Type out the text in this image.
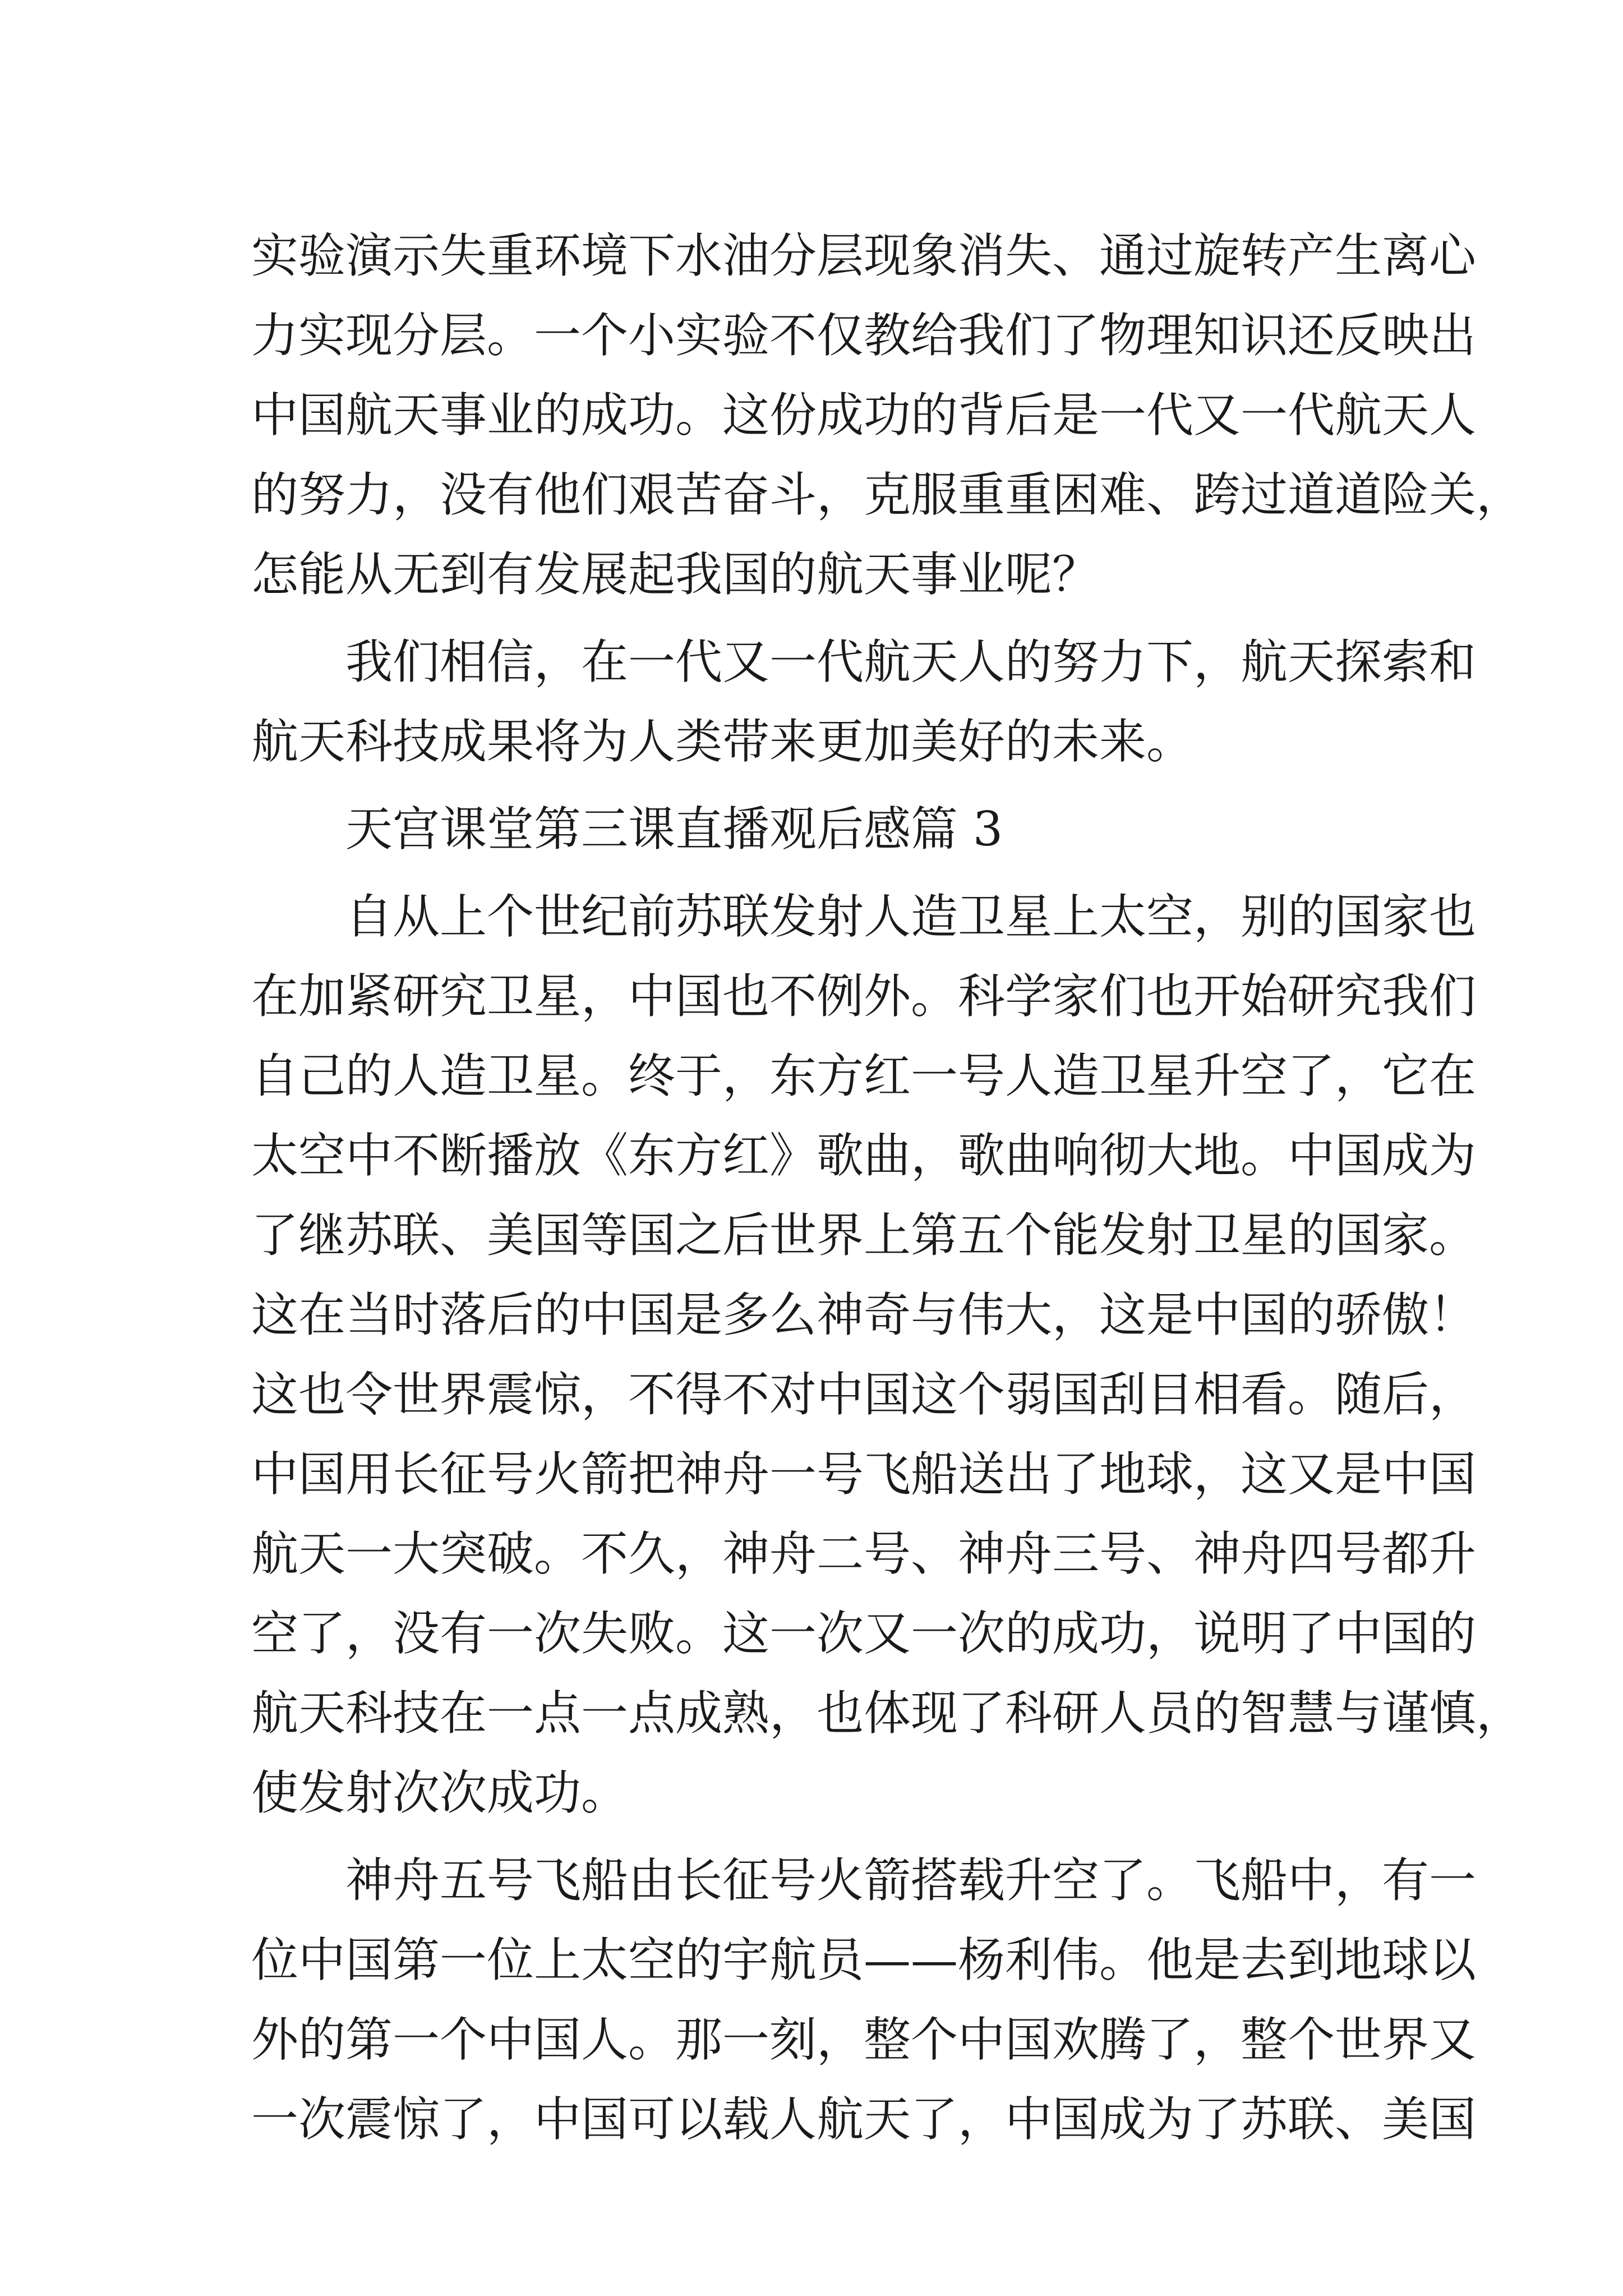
实验演示失重环境下水油分层现象消失、通过旋转产生离心
力实现分层。一个小实验不仅教给我们了物理知识还反映出
中国航天事业的成功。这份成功的背后是一代又一代航天人
的努力，没有他们艰苦奋斗，克服重重困难、跨过道道险关，
怎能从无到有发展起我国的航天事业呢？
我们相信，在一代又一代航天人的努力下，航天探索和
航天科技成果将为人类带来更加美好的未来。
天宫课堂第三课直播观后感篇 3
自从上个世纪前苏联发射人造卫星上太空，别的国家也
在加紧研究卫星，中国也不例外。科学家们也开始研究我们
自己的人造卫星。终于，东方红一号人造卫星升空了，它在
太空中不断播放《东方红》歌曲，歌曲响彻大地。中国成为
了继苏联、美国等国之后世界上第五个能发射卫星的国家。
这在当时落后的中国是多么神奇与伟大，这是中国的骄傲！
这也令世界震惊，不得不对中国这个弱国刮目相看。随后，
中国用长征号火箭把神舟一号飞船送出了地球，这又是中国
航天一大突破。不久，神舟二号、神舟三号、神舟四号都升
空了，没有一次失败。这一次又一次的成功，说明了中国的
航天科技在一点一点成熟，也体现了科研人员的智慧与谨慎，
使发射次次成功。
神舟五号飞船由长征号火箭搭载升空了。飞船中，有一
位中国第一位上太空的宇航员——杨利伟。他是去到地球以
外的第一个中国人。那一刻，整个中国欢腾了，整个世界又
一次震惊了，中国可以载人航天了，中国成为了苏联、美国
